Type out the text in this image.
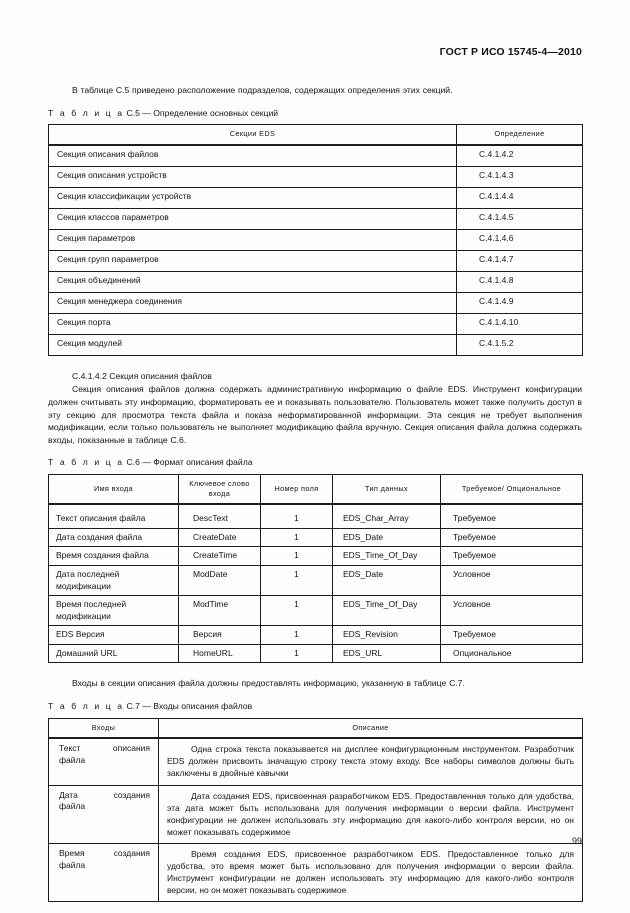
ГОСТ Р ИСО 15745-4—2010

В таблице С.5 приведено расположение подразделов, содержащих определения этих секций.

Т а б л и ц а С.5 — Определение основных секций
Секции EDS	Определение
Секция описания файлов	С.4.1.4.2
Секция описания устройств	С.4.1.4.3
Секция классификации устройств	С.4.1.4.4
Секция классов параметров	С.4.1.4.5
Секция параметров	С.4.1.4.6
Секция групп параметров	С.4.1.4.7
Секция объединений	С.4.1.4.8
Секция менеджера соединения	С.4.1.4.9
Секция порта	С.4.1.4.10
Секция модулей	С.4.1.5.2

С.4.1.4.2 Секция описания файлов

Секция описания файлов должна содержать административную информацию о файле EDS. Инструмент конфигурации должен считывать эту информацию, форматировать ее и показывать пользователю. Пользователь может также получить доступ в эту секцию для просмотра текста файла и показа неформатированной информации. Эта секция не требует выполнения модификации, если только пользователь не выполняет модификацию файла вручную. Секция описания файла должна содержать входы, показанные в таблице С.6.

Т а б л и ц а С.6 — Формат описания файла
Имя входа	Ключевое слово входа	Номер поля	Тип данных	Требуемое/ Опциональное
Текст описания файла	DescText	1	EDS_Char_Array	Требуемое
Дата создания файла	CreateDate	1	EDS_Date	Требуемое
Время создания файла	CreateTime	1	EDS_Time_Of_Day	Требуемое
Дата последней модификации	ModDate	1	EDS_Date	Условное
Время последней модификации	ModTime	1	EDS_Time_Of_Day	Условное
EDS Версия	Версия	1	EDS_Revision	Требуемое
Домашний URL	HomeURL	1	EDS_URL	Опциональное

Входы в секции описания файла должны предоставлять информацию, указанную в таблице С.7.

Т а б л и ц а С.7 — Входы описания файлов
Входы	Описание
Текст описания
файла	Одна строка текста показывается на дисплее конфигурационным инструментом. Разработчик EDS должен присвоить значащую строку текста этому входу. Все наборы символов должны быть заключены в двойные кавычки
Дата создания
файла	Дата создания EDS, присвоенная разработчиком EDS. Предоставленная только для удобства, эта дата может быть использована для получения информации о версии файла. Инструмент конфигурации не должен использовать эту информацию для какого-либо контроля версии, но он может показывать содержимое
Время создания
файла	Время создания EDS, присвоенное разработчиком EDS. Предоставленное только для удобства, это время может быть использовано для получения информации о версии файла. Инструмент конфигурации не должен использовать эту информацию для какого-либо контроля версии, но он может показывать содержимое
99
